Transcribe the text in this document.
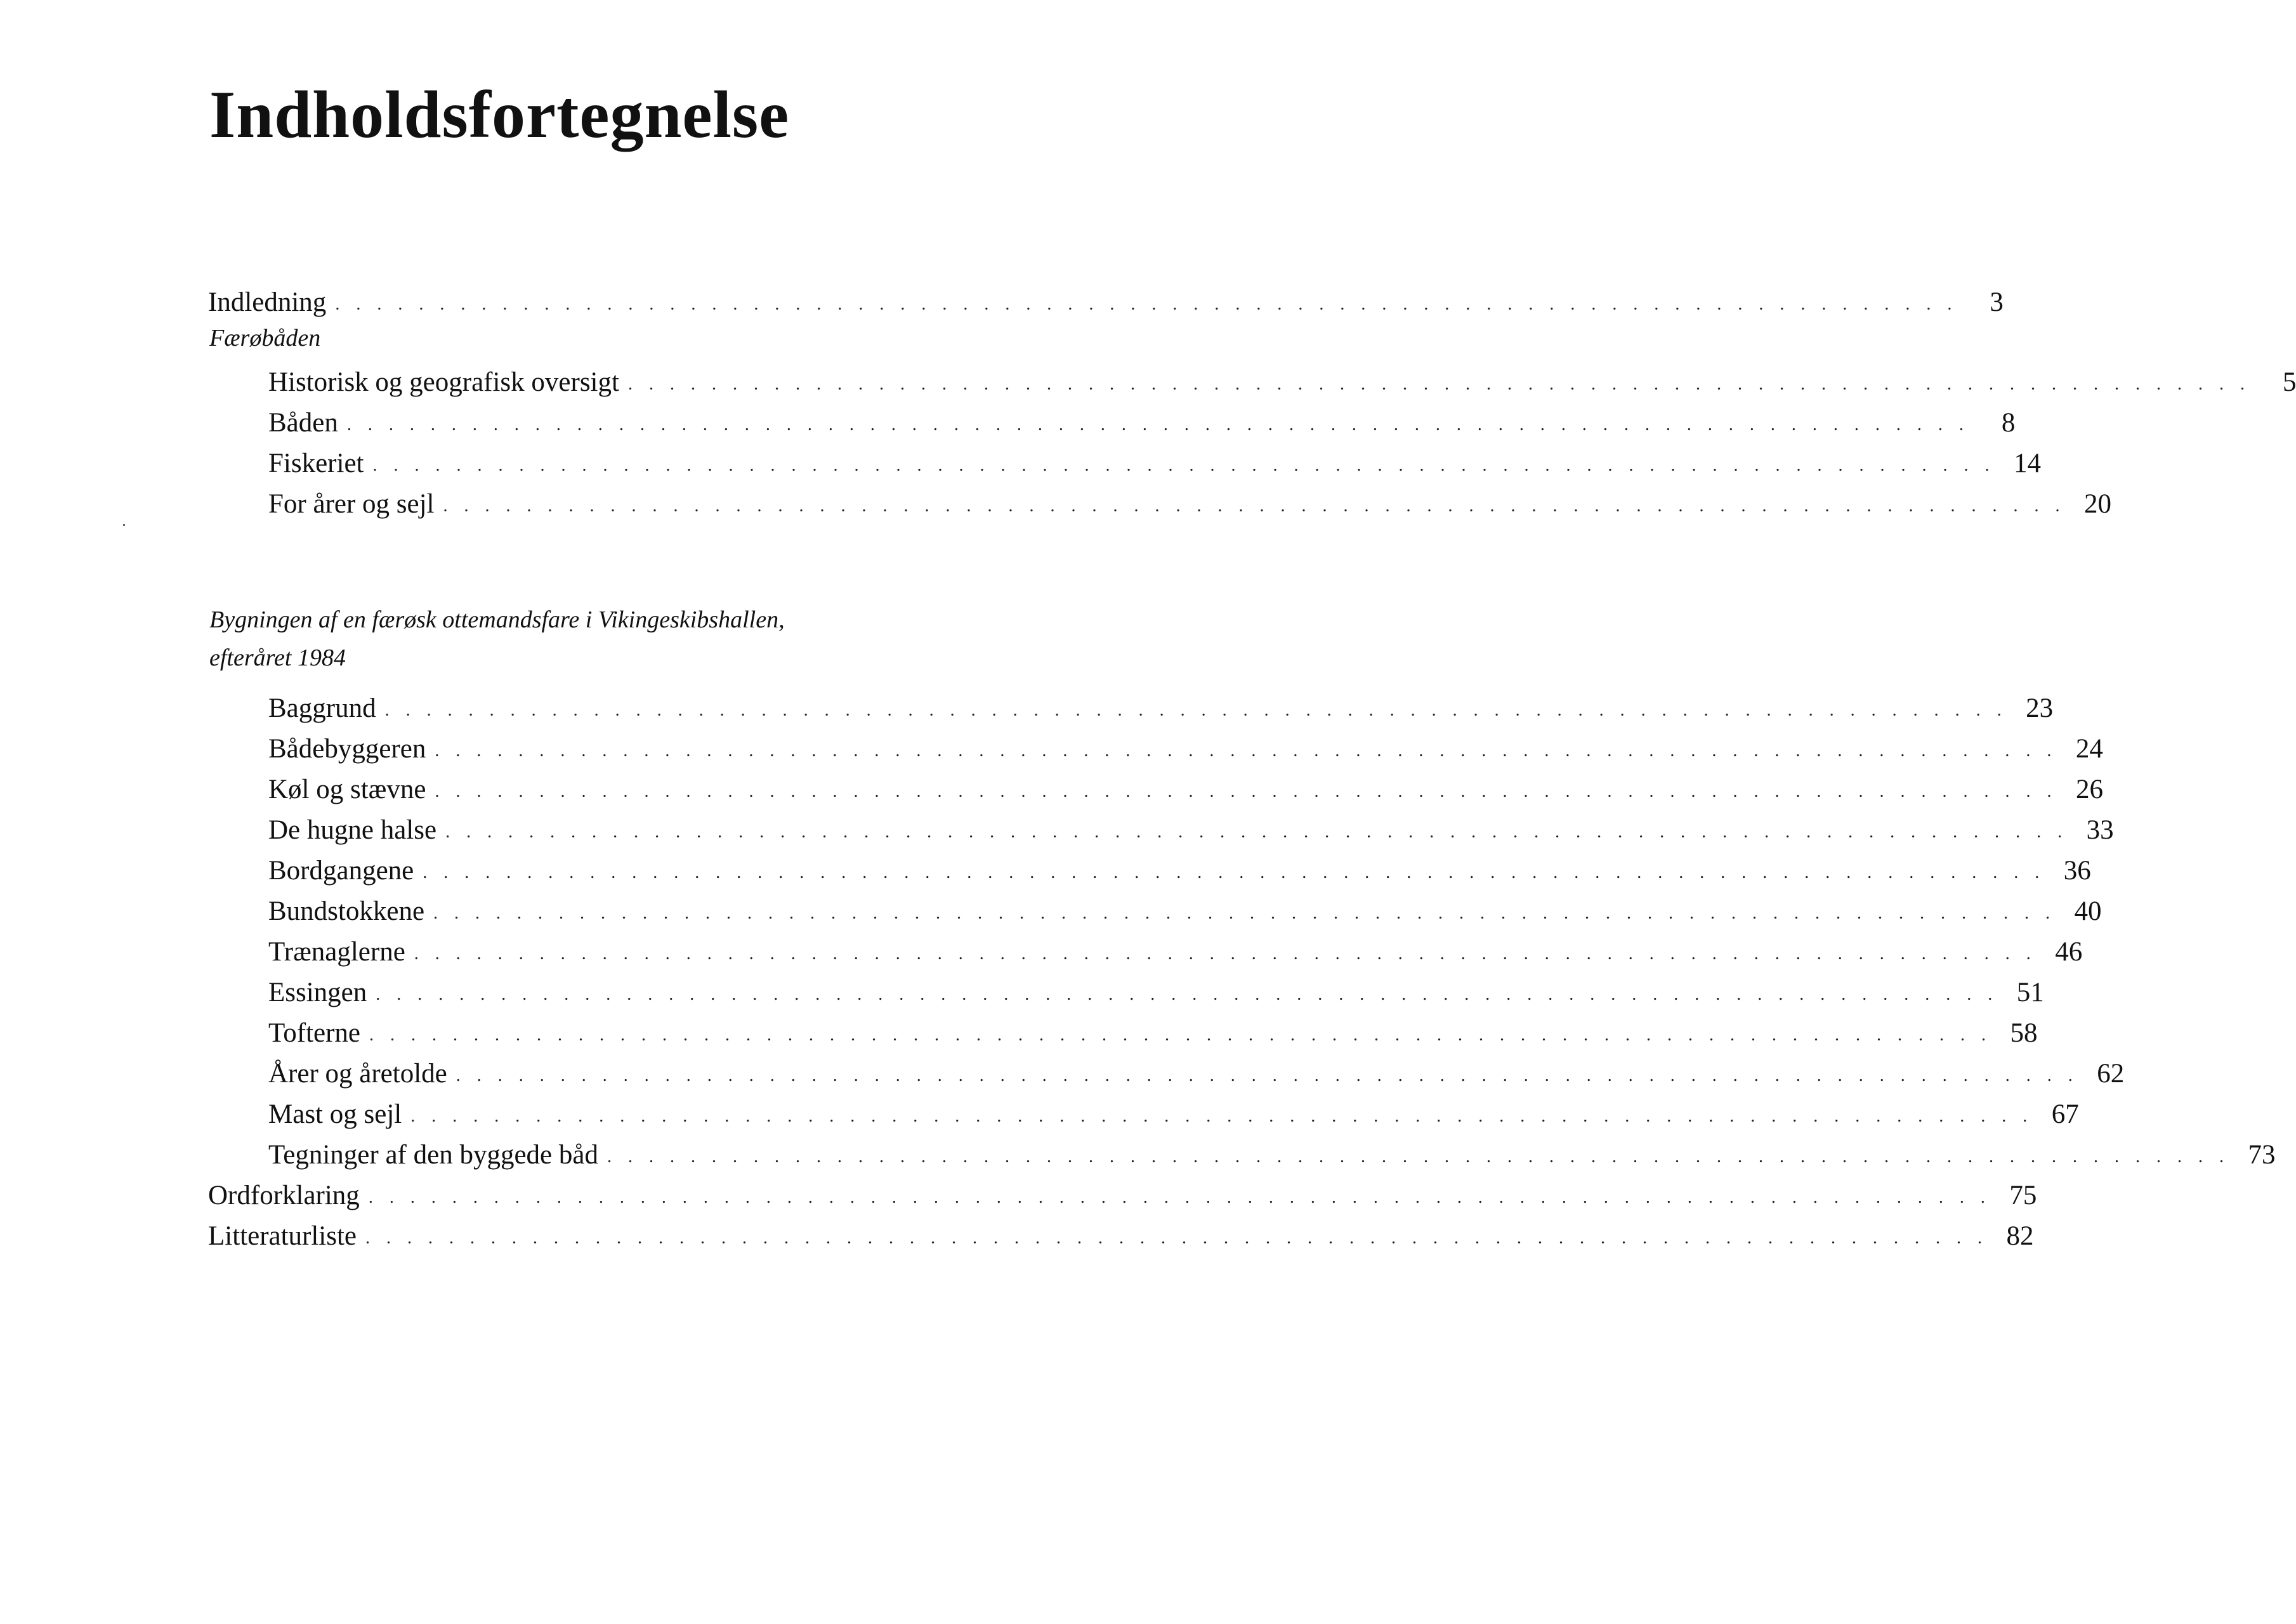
Indholdsfortegnelse
Indledning . . . . . . . . . . . . . . . . . . . . . . . . . . . . . . . . . . . . . . . . . . . . . . . . . . . . . . . . . . . . . . . . . . . . . . . . . . . . . .	3
Færøbåden
Historisk og geografisk oversigt . . . . . . . . . . . . . . . . . . . . . . . . . . . . . . . . . . . . . . . . . . . . . . . . . . . . . . . . . . . . . . . . . . . . . . . . . . . . . .	5
Båden . . . . . . . . . . . . . . . . . . . . . . . . . . . . . . . . . . . . . . . . . . . . . . . . . . . . . . . . . . . . . . . . . . . . . . . . . . . . . .	8
Fiskeriet . . . . . . . . . . . . . . . . . . . . . . . . . . . . . . . . . . . . . . . . . . . . . . . . . . . . . . . . . . . . . . . . . . . . . . . . . . . . . . 14
For årer og sejl . . . . . . . . . . . . . . . . . . . . . . . . . . . . . . . . . . . . . . . . . . . . . . . . . . . . . . . . . . . . . . . . . . . . . . . . . . . . . . 20
Bygningen af en færøsk ottemandsfare i Vikingeskibshallen,
efteråret 1984
Baggrund . . . . . . . . . . . . . . . . . . . . . . . . . . . . . . . . . . . . . . . . . . . . . . . . . . . . . . . . . . . . . . . . . . . . . . . . . . . . . . 23
Bådebyggeren . . . . . . . . . . . . . . . . . . . . . . . . . . . . . . . . . . . . . . . . . . . . . . . . . . . . . . . . . . . . . . . . . . . . . . . . . . . . . . 24
Køl og stævne . . . . . . . . . . . . . . . . . . . . . . . . . . . . . . . . . . . . . . . . . . . . . . . . . . . . . . . . . . . . . . . . . . . . . . . . . . . . . . 26
De hugne halse . . . . . . . . . . . . . . . . . . . . . . . . . . . . . . . . . . . . . . . . . . . . . . . . . . . . . . . . . . . . . . . . . . . . . . . . . . . . . . 33
Bordgangene . . . . . . . . . . . . . . . . . . . . . . . . . . . . . . . . . . . . . . . . . . . . . . . . . . . . . . . . . . . . . . . . . . . . . . . . . . . . . . 36
Bundstokkene . . . . . . . . . . . . . . . . . . . . . . . . . . . . . . . . . . . . . . . . . . . . . . . . . . . . . . . . . . . . . . . . . . . . . . . . . . . . . . 40
Trænaglerne . . . . . . . . . . . . . . . . . . . . . . . . . . . . . . . . . . . . . . . . . . . . . . . . . . . . . . . . . . . . . . . . . . . . . . . . . . . . . . 46
Essingen . . . . . . . . . . . . . . . . . . . . . . . . . . . . . . . . . . . . . . . . . . . . . . . . . . . . . . . . . . . . . . . . . . . . . . . . . . . . . . 51
Tofterne . . . . . . . . . . . . . . . . . . . . . . . . . . . . . . . . . . . . . . . . . . . . . . . . . . . . . . . . . . . . . . . . . . . . . . . . . . . . . . 58
Årer og åretolde . . . . . . . . . . . . . . . . . . . . . . . . . . . . . . . . . . . . . . . . . . . . . . . . . . . . . . . . . . . . . . . . . . . . . . . . . . . . . . 62
Mast og sejl . . . . . . . . . . . . . . . . . . . . . . . . . . . . . . . . . . . . . . . . . . . . . . . . . . . . . . . . . . . . . . . . . . . . . . . . . . . . . . 67
Tegninger af den byggede båd . . . . . . . . . . . . . . . . . . . . . . . . . . . . . . . . . . . . . . . . . . . . . . . . . . . . . . . . . . . . . . . . . . . . . . . . . . . . . . 73
Ordforklaring . . . . . . . . . . . . . . . . . . . . . . . . . . . . . . . . . . . . . . . . . . . . . . . . . . . . . . . . . . . . . . . . . . . . . . . . . . . . . . 75
Litteraturliste . . . . . . . . . . . . . . . . . . . . . . . . . . . . . . . . . . . . . . . . . . . . . . . . . . . . . . . . . . . . . . . . . . . . . . . . . . . . . . 82
